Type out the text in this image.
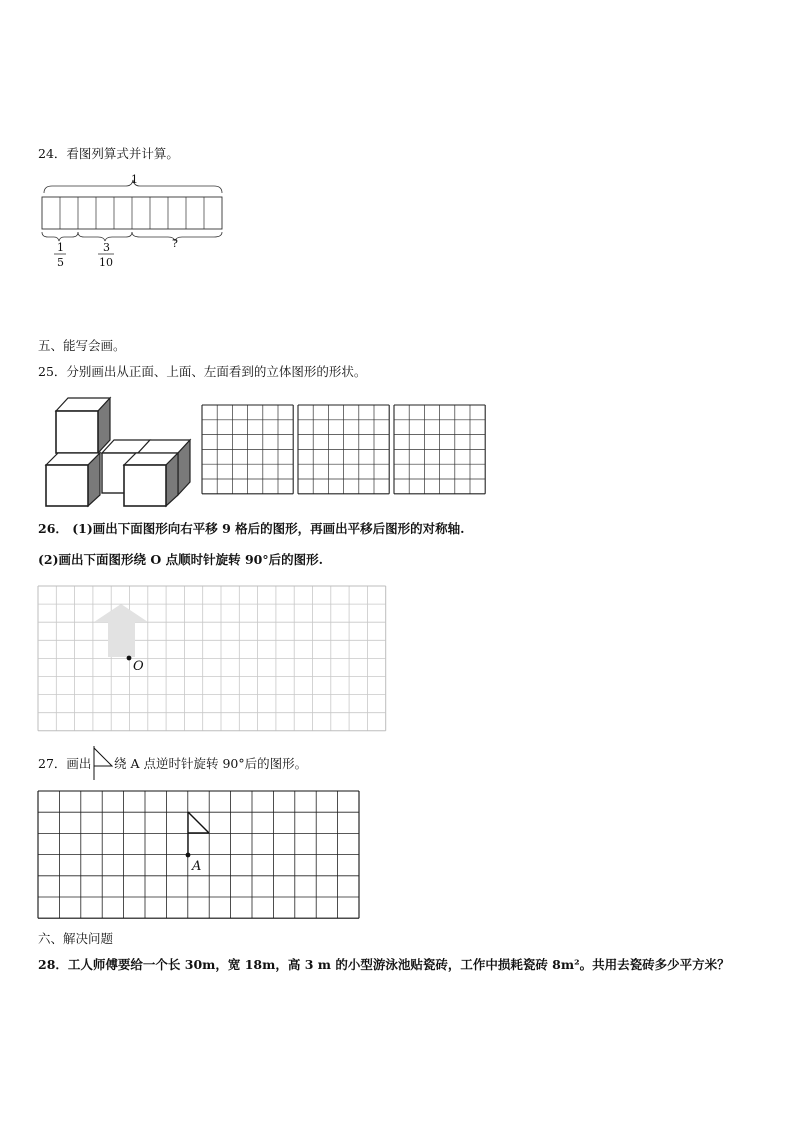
24．看图列算式并计算。
1
1
5
3
10
?
五、能写会画。
25．分别画出从正面、上面、左面看到的立体图形的形状。
26． (1)画出下面图形向右平移 9 格后的图形，再画出平移后图形的对称轴.
(2)画出下面图形绕 O 点顺时针旋转 90°后的图形.
O
27．画出 绕 A 点逆时针旋转 90°后的图形。
A
六、解决问题
28．工人师傅要给一个长 30m，宽 18m，高 3 m 的小型游泳池贴瓷砖，工作中损耗瓷砖 8m²。共用去瓷砖多少平方米？
